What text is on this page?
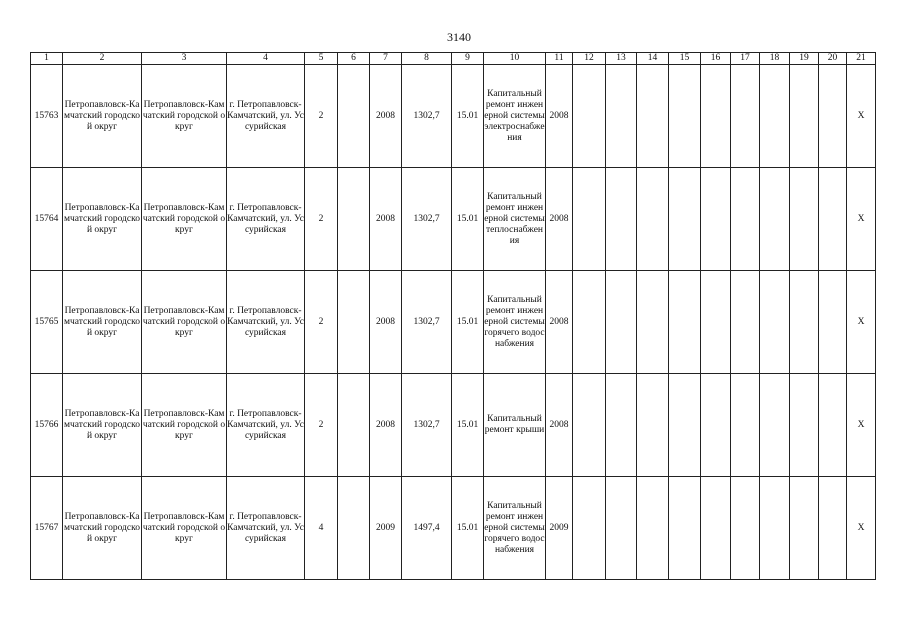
3140
1	2	3	4	5	6	7	8	9	10	11	12	13	14	15	16	17	18	19	20	21
15763	Петропавловск-Камчатский городской округ	Петропавловск-Камчатский городской округ	г. Петропавловск-Камчатский, ул. Уссурийская	2		2008	1302,7	15.01	Капитальный ремонт инженерной системы электроснабжения	2008										X
15764	Петропавловск-Камчатский городской округ	Петропавловск-Камчатский городской округ	г. Петропавловск-Камчатский, ул. Уссурийская	2		2008	1302,7	15.01	Капитальный ремонт инженерной системы теплоснабжения	2008										X
15765	Петропавловск-Камчатский городской округ	Петропавловск-Камчатский городской округ	г. Петропавловск-Камчатский, ул. Уссурийская	2		2008	1302,7	15.01	Капитальный ремонт инженерной системы горячего водоснабжения	2008										X
15766	Петропавловск-Камчатский городской округ	Петропавловск-Камчатский городской округ	г. Петропавловск-Камчатский, ул. Уссурийская	2		2008	1302,7	15.01	Капитальный ремонт крыши	2008										X
15767	Петропавловск-Камчатский городской округ	Петропавловск-Камчатский городской округ	г. Петропавловск-Камчатский, ул. Уссурийская	4		2009	1497,4	15.01	Капитальный ремонт инженерной системы горячего водоснабжения	2009										X
